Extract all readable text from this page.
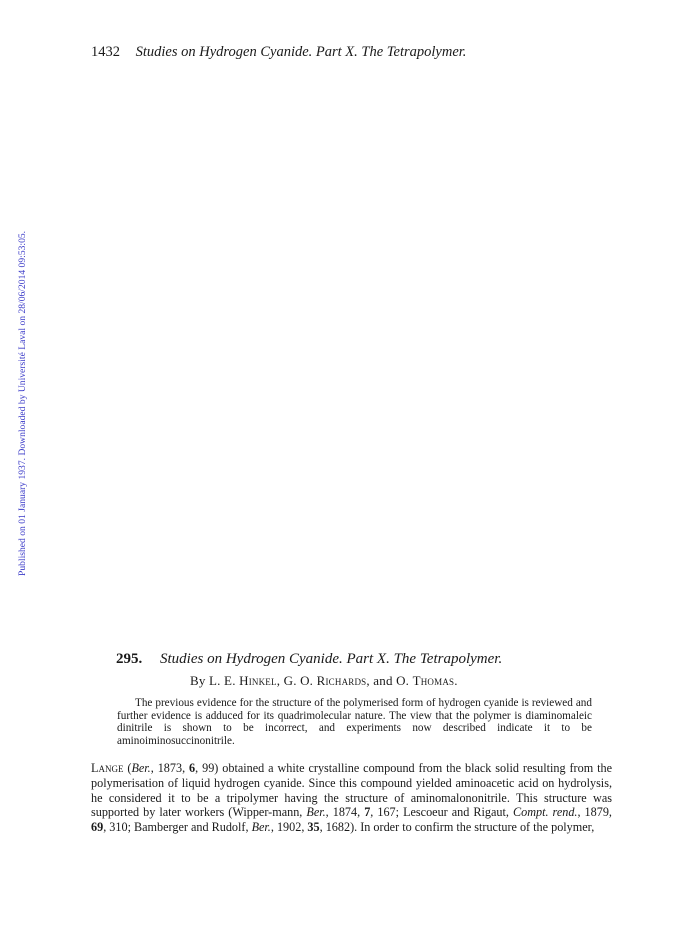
1432 Studies on Hydrogen Cyanide. Part X. The Tetrapolymer.
Published on 01 January 1937. Downloaded by Université Laval on 28/06/2014 09:53:05.
295. Studies on Hydrogen Cyanide. Part X. The Tetrapolymer.
By L. E. Hinkel, G. O. Richards, and O. Thomas.
The previous evidence for the structure of the polymerised form of hydrogen cyanide is reviewed and further evidence is adduced for its quadrimolecular nature. The view that the polymer is diaminomaleic dinitrile is shown to be incorrect, and experiments now described indicate it to be aminoiminosuccinonitrile.
Lange (Ber., 1873, 6, 99) obtained a white crystalline compound from the black solid resulting from the polymerisation of liquid hydrogen cyanide. Since this compound yielded aminoacetic acid on hydrolysis, he considered it to be a tripolymer having the structure of aminomalononitrile. This structure was supported by later workers (Wipper-mann, Ber., 1874, 7, 167; Lescoeur and Rigaut, Compt. rend., 1879, 69, 310; Bamberger and Rudolf, Ber., 1902, 35, 1682). In order to confirm the structure of the polymer,
